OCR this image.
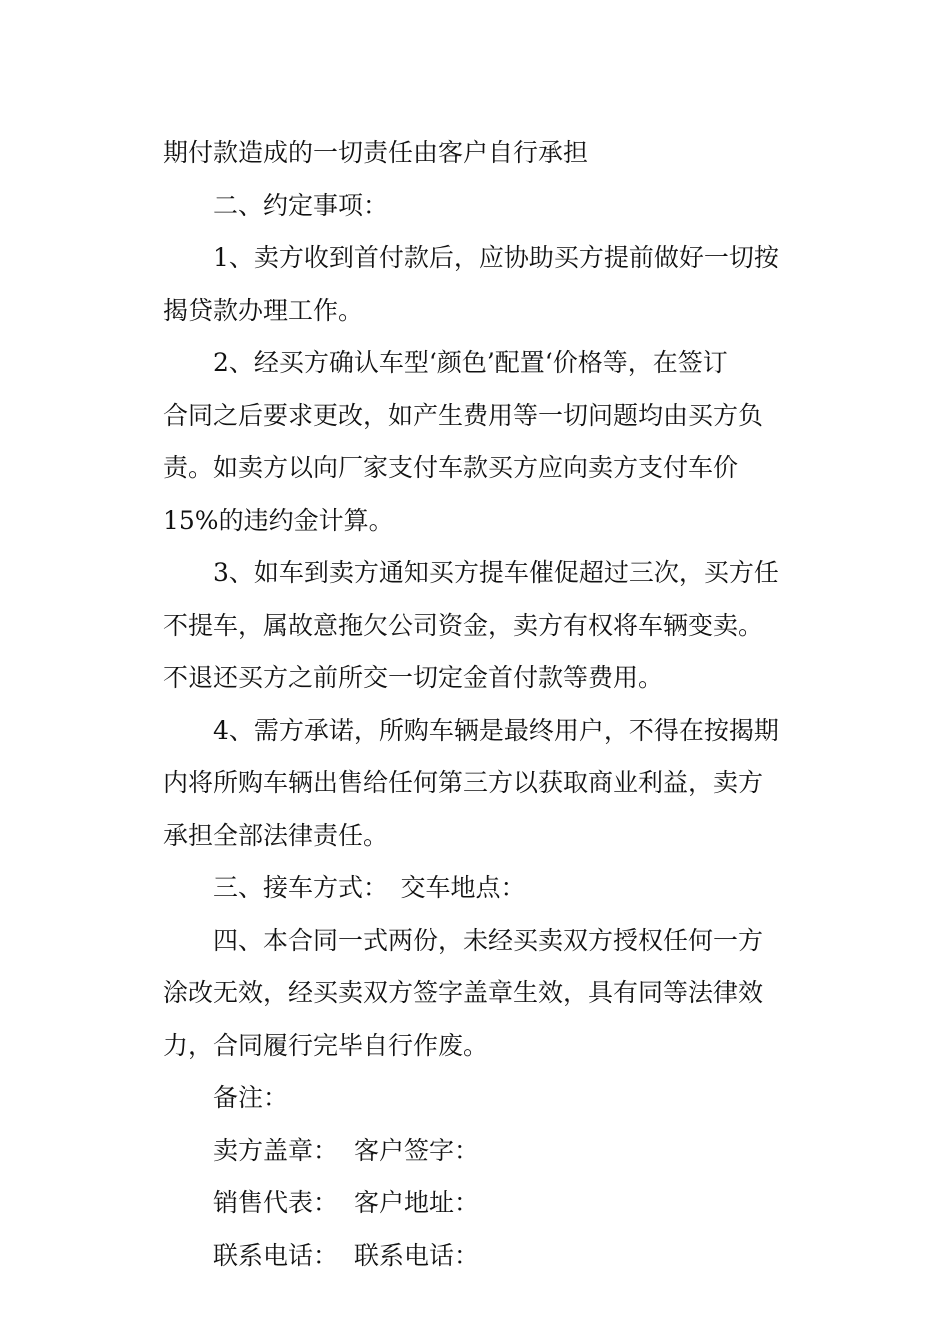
期付款造成的一切责任由客户自行承担
二、约定事项：
1、卖方收到首付款后，应协助买方提前做好一切按
揭贷款办理工作。
2、经买方确认车型‘颜色’配置‘价格等，在签订
合同之后要求更改，如产生费用等一切问题均由买方负
责。如卖方以向厂家支付车款买方应向卖方支付车价
15%的违约金计算。
3、如车到卖方通知买方提车催促超过三次，买方任
不提车，属故意拖欠公司资金，卖方有权将车辆变卖。
不退还买方之前所交一切定金首付款等费用。
4、需方承诺，所购车辆是最终用户，不得在按揭期
内将所购车辆出售给任何第三方以获取商业利益，卖方
承担全部法律责任。
三、接车方式：　交车地点：
四、本合同一式两份，未经买卖双方授权任何一方
涂改无效，经买卖双方签字盖章生效，具有同等法律效
力，合同履行完毕自行作废。
备注：
卖方盖章： 客户签字：
销售代表： 客户地址：
联系电话： 联系电话：
